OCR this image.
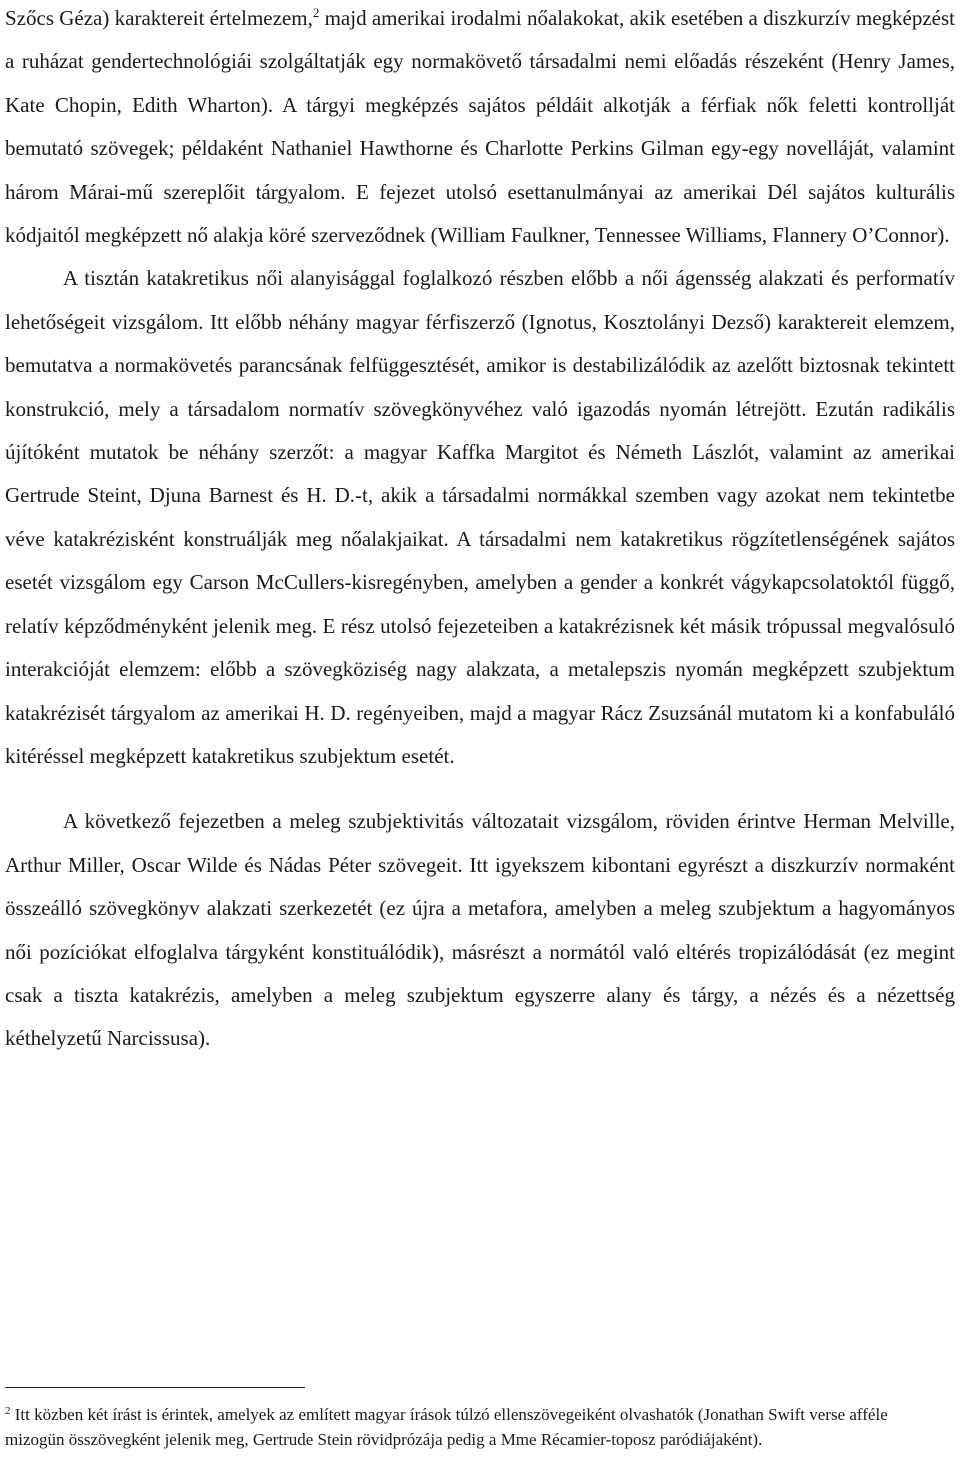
Szőcs Géza) karaktereit értelmezem,$^2$ majd amerikai irodalmi nőalakokat, akik esetében a diszkurzív megképzést a ruházat gendertechnológiái szolgáltatják egy normakövető társadalmi nemi előadás részeként (Henry James, Kate Chopin, Edith Wharton). A tárgyi megképzés sajátos példáit alkotják a férfiak nők feletti kontrollját bemutató szövegek; példaként Nathaniel Hawthorne és Charlotte Perkins Gilman egy-egy novelláját, valamint három Márai-mű szereplőit tárgyalom. E fejezet utolsó esettanulmányai az amerikai Dél sajátos kulturális kódjaitól megképzett nő alakja köré szerveződnek (William Faulkner, Tennessee Williams, Flannery O’Connor).

A tisztán katakretikus női alanyisággal foglalkozó részben előbb a női ágensség alakzati és performatív lehetőségeit vizsgálom. Itt előbb néhány magyar férfiszerző (Ignotus, Kosztolányi Dezső) karaktereit elemzem, bemutatva a normakövetés parancsának felfüggesztését, amikor is destabilizálódik az azelőtt biztosnak tekintett konstrukció, mely a társadalom normatív szövegkönyvéhez való igazodás nyomán létrejött. Ezután radikális újítóként mutatok be néhány szerzőt: a magyar Kaffka Margitot és Németh Lászlót, valamint az amerikai Gertrude Steint, Djuna Barnest és H. D.-t, akik a társadalmi normákkal szemben vagy azokat nem tekintetbe véve katakrézisként konstruálják meg nőalakjaikat. A társadalmi nem katakretikus rögzítetlenségének sajátos esetét vizsgálom egy Carson McCullers-kisregényben, amelyben a gender a konkrét vágykapcsolatoktól függő, relatív képződményként jelenik meg. E rész utolsó fejezeteiben a katakrézisnek két másik trópussal megvalósuló interakcióját elemzem: előbb a szövegköziség nagy alakzata, a metalepszis nyomán megképzett szubjektum katakrézisét tárgyalom az amerikai H. D. regényeiben, majd a magyar Rácz Zsuzsánál mutatom ki a konfabuláló kitéréssel megképzett katakretikus szubjektum esetét.

A következő fejezetben a meleg szubjektivitás változatait vizsgálom, röviden érintve Herman Melville, Arthur Miller, Oscar Wilde és Nádas Péter szövegeit. Itt igyekszem kibontani egyrészt a diszkurzív normaként összeálló szövegkönyv alakzati szerkezetét (ez újra a metafora, amelyben a meleg szubjektum a hagyományos női pozíciókat elfoglalva tárgyként konstituálódik), másrészt a normától való eltérés tropizálódását (ez megint csak a tiszta katakrézis, amelyben a meleg szubjektum egyszerre alany és tárgy, a nézés és a nézettség kéthelyzetű Narcissusa).

$^2$ Itt közben két írást is érintek, amelyek az említett magyar írások túlzó ellenszövegeiként olvashatók (Jonathan Swift verse afféle mizogün összövegként jelenik meg, Gertrude Stein rövidprózája pedig a Mme Récamier-toposz paródiájaként).
